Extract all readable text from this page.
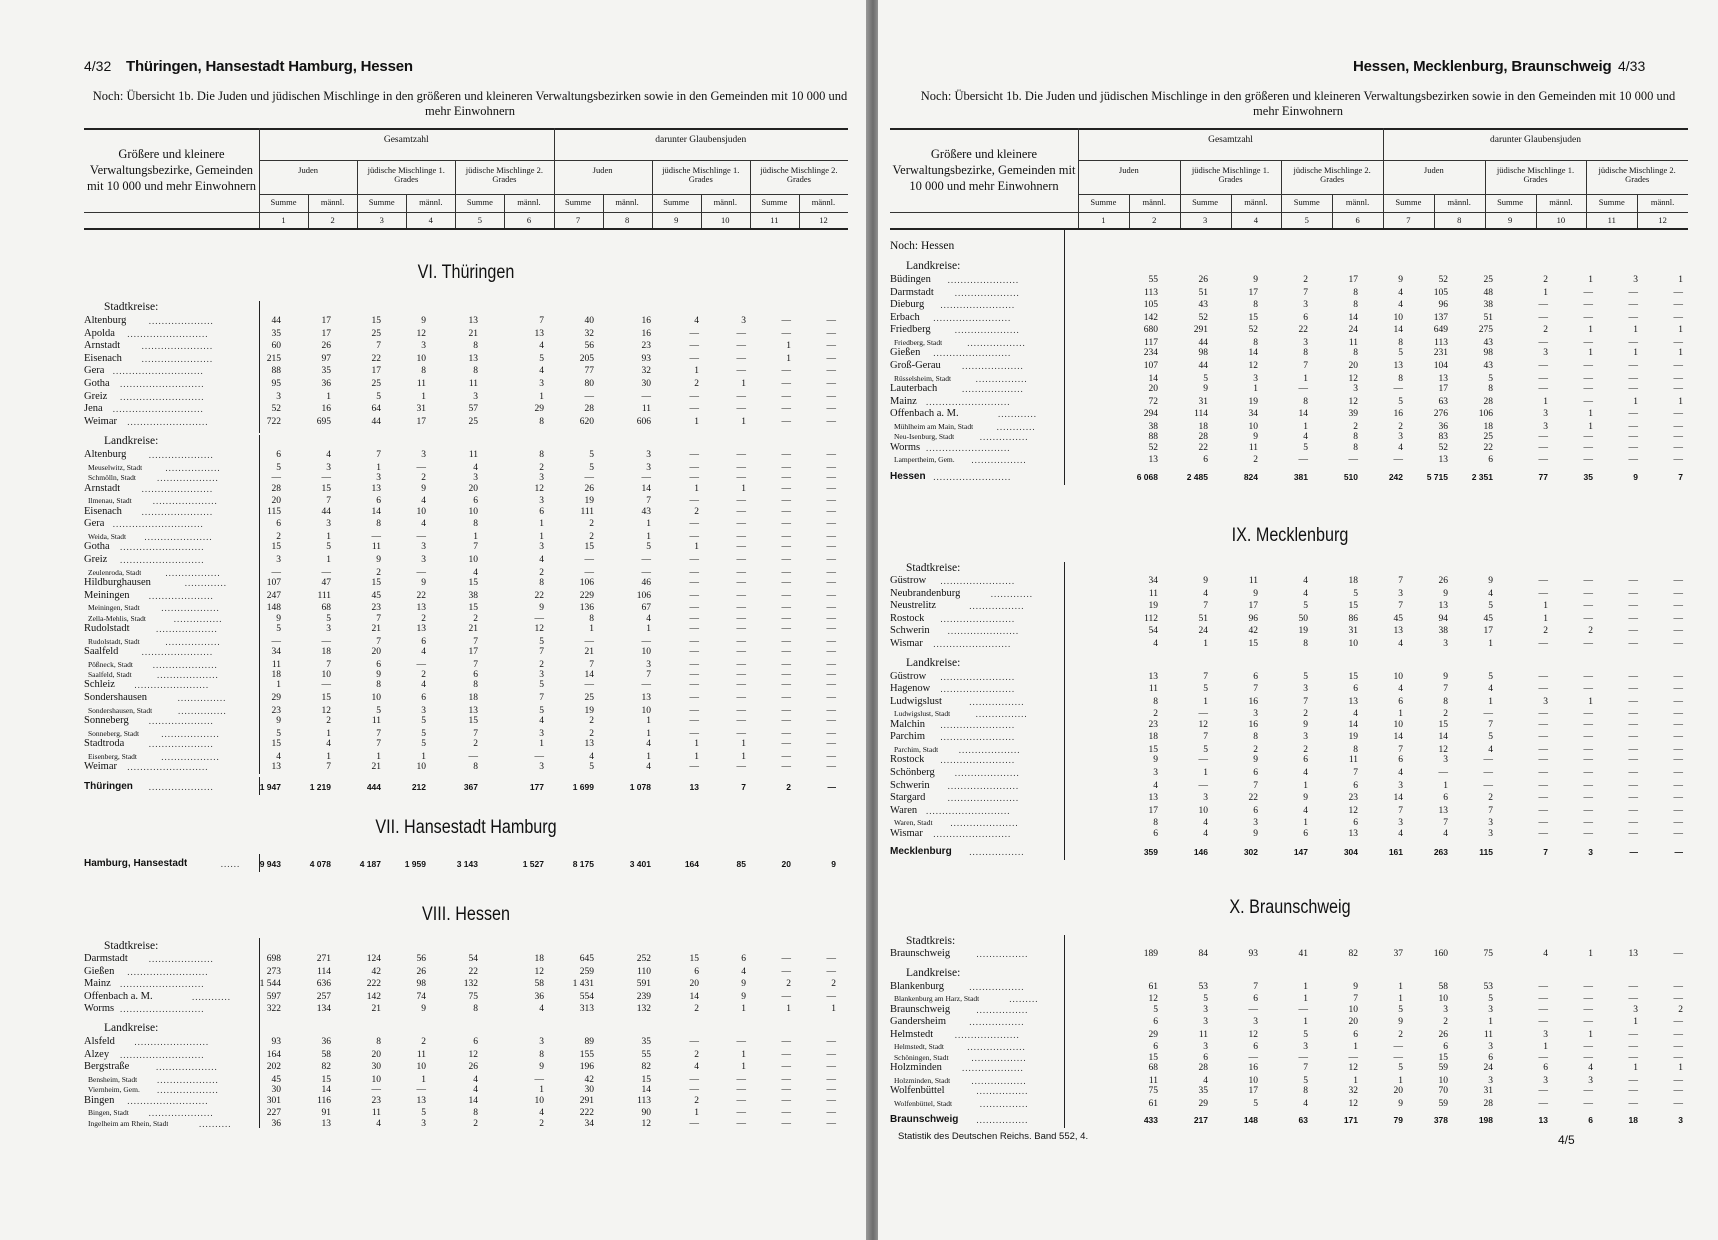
4/32 Thüringen, Hansestadt Hamburg, Hessen
Noch: Übersicht 1b. Die Juden und jüdischen Mischlinge in den größeren und kleineren Verwaltungsbezirken sowie in den Gemeinden mit 10 000 und mehr Einwohnern
Größere und kleinere Verwaltungsbezirke, Gemeinden mit 10 000 und mehr Einwohnern
Gesamtzahl	darunter Glaubensjuden
Juden
Summe	männl.
jüdische Mischlinge 1. Grades
Summe	männl.
jüdische Mischlinge 2. Grades
Summe	männl.
Juden
Summe	männl.
jüdische Mischlinge 1. Grades
Summe	männl.
jüdische Mischlinge 2. Grades
Summe	männl.
1	2	3	4	5	6	7	8	9	10	11	12
VI. Thüringen
Stadtkreise:
Altenburg ....................	44	17	15	9	13	7	40	16	4	3	—	—
Apolda .........................	35	17	25	12	21	13	32	16	—	—	—	—
Arnstadt ......................	60	26	7	3	8	4	56	23	—	—	1	—
Eisenach ......................	215	97	22	10	13	5	205	93	—	—	1	—
Gera ............................	88	35	17	8	8	4	77	32	1	—	—	—
Gotha ..........................	95	36	25	11	11	3	80	30	2	1	—	—
Greiz ..........................	3	1	5	1	3	1	—	—	—	—	—	—
Jena ............................	52	16	64	31	57	29	28	11	—	—	—	—
Weimar .........................	722	695	44	17	25	8	620	606	1	1	—	—
Landkreise:
Altenburg ....................	6	4	7	3	11	8	5	3	—	—	—	—
Meuselwitz, Stadt	.................	5	3	1	—	4	2	5	3	—	—	—	—
Schmölln, Stadt ...................	—	—	3	2	3	3	—	—	—	—	—	—
Arnstadt ......................	28	15	13	9	20	12	26	14	1	1	—	—
Ilmenau, Stadt ....................	20	7	6	4	6	3	19	7	—	—	—	—
Eisenach ......................	115	44	14	10	10	6	111	43	2	—	—	—
Gera ............................	6	3	8	4	8	1	2	1	—	—	—	—
Weida, Stadt .....................	2	1	—	—	1	1	2	1	—	—	—	—
Gotha ..........................	15	5	11	3	7	3	15	5	1	—	—	—
Greiz ..........................	3	1	9	3	10	4	—	—	—	—	—	—
Zeulenroda, Stadt	.................	—	—	2	—	4	2	—	—	—	—	—	—
Hildburghausen	.............	107	47	15	9	15	8	106	46	—	—	—	—
Meiningen ....................	247	111	45	22	38	22	229	106	—	—	—	—
Meiningen, Stadt ..................	148	68	23	13	15	9	136	67	—	—	—	—
Zella-Mehlis, Stadt	...............	9	5	7	2	2	—	8	4	—	—	—	—
Rudolstadt	...................	5	3	21	13	21	12	1	1	—	—	—	—
Rudolstadt, Stadt	.................	—	—	7	6	7	5	—	—	—	—	—	—
Saalfeld	......................	34	18	20	4	17	7	21	10	—	—	—	—
Pößneck, Stadt ....................	11	7	6	—	7	2	7	3	—	—	—	—
Saalfeld, Stadt	...................	18	10	9	2	6	3	14	7	—	—	—	—
Schleiz .......................	1	—	8	4	8	5	—	—	—	—	—	—
Sondershausen	...............	29	15	10	6	18	7	25	13	—	—	—	—
Sondershausen, Stadt	...............	23	12	5	3	13	5	19	10	—	—	—	—
Sonneberg ....................	9	2	11	5	15	4	2	1	—	—	—	—
Sonneberg, Stadt ..................	5	1	7	5	7	3	2	1	—	—	—	—
Stadtroda	....................	15	4	7	5	2	1	13	4	1	1	—	—
Eisenberg, Stadt	..................	4	1	1	1	—	—	4	1	1	1	—	—
Weimar .........................	13	7	21	10	8	3	5	4	—	—	—	—
Thüringen ....................	1 947	1 219	444	212	367	177	1 699	1 078	13	7	2	—
VII. Hansestadt Hamburg
Hamburg, Hansestadt	......	9 943	4 078	4 187	1 959	3 143	1 527	8 175	3 401	164	85	20	9
VIII. Hessen
Stadtkreise:
Darmstadt ....................	698	271	124	56	54	18	645	252	15	6	—	—
Gießen .........................	273	114	42	26	22	12	259	110	6	4	—	—
Mainz ..........................	1 544	636	222	98	132	58	1 431	591	20	9	2	2
Offenbach a. M.	............	597	257	142	74	75	36	554	239	14	9	—	—
Worms ..........................	322	134	21	9	8	4	313	132	2	1	1	1
Landkreise:
Alsfeld .......................	93	36	8	2	6	3	89	35	—	—	—	—
Alzey ..........................	164	58	20	11	12	8	155	55	2	1	—	—
Bergstraße	...................	202	82	30	10	26	9	196	82	4	1	—	—
Bensheim, Stadt ...................	45	15	10	1	4	—	42	15	—	—	—	—
Viernheim, Gem. ...................	30	14	—	—	4	1	30	14	—	—	—	—
Bingen .........................	301	116	23	13	14	10	291	113	2	—	—	—
Bingen, Stadt ....................	227	91	11	5	8	4	222	90	1	—	—	—
Ingelheim am Rhein, Stadt	..........	36	13	4	3	2	2	34	12	—	—	—	—
Hessen, Mecklenburg, Braunschweig 4/33
Noch: Übersicht 1b. Die Juden und jüdischen Mischlinge in den größeren und kleineren Verwaltungsbezirken sowie in den Gemeinden mit 10 000 und mehr Einwohnern
Größere und kleinere Verwaltungsbezirke, Gemeinden mit 10 000 und mehr Einwohnern
Gesamtzahl	darunter Glaubensjuden
Juden
Summe	männl.
jüdische Mischlinge 1. Grades
Summe	männl.
jüdische Mischlinge 2. Grades
Summe	männl.
Juden
Summe	männl.
jüdische Mischlinge 1. Grades
Summe	männl.
jüdische Mischlinge 2. Grades
Summe	männl.
1	2	3	4	5	6	7	8	9	10	11	12
Noch: Hessen
Landkreise:
Büdingen ......................	55	26	9	2	17	9	52	25	2	1	3	1
Darmstadt ....................	113	51	17	7	8	4	105	48	1	—	—	—
Dieburg .......................	105	43	8	3	8	4	96	38	—	—	—	—
Erbach ........................	142	52	15	6	14	10	137	51	—	—	—	—
Friedberg	....................	680	291	52	22	24	14	649	275	2	1	1	1
Friedberg, Stadt	..................	117	44	8	3	11	8	113	43	—	—	—	—
Gießen ........................	234	98	14	8	8	5	231	98	3	1	1	1
Groß-Gerau ...................	107	44	12	7	20	13	104	43	—	—	—	—
Rüsselsheim, Stadt	................	14	5	3	1	12	8	13	5	—	—	—	—
Lauterbach	...................	20	9	1	—	3	—	17	8	—	—	—	—
Mainz ..........................	72	31	19	8	12	5	63	28	1	—	1	1
Offenbach a. M.	............	294	114	34	14	39	16	276	106	3	1	—	—
Mühlheim am Main, Stadt	............	38	18	10	1	2	2	36	18	3	1	—	—
Neu-Isenburg, Stadt	...............	88	28	9	4	8	3	83	25	—	—	—	—
Worms ..........................	52	22	11	5	8	4	52	22	—	—	—	—
Lampertheim, Gem. .................	13	6	2	—	—	—	13	6	—	—	—	—
Hessen ........................	6 068	2 485	824	381	510	242	5 715	2 351	77	35	9	7
IX. Mecklenburg
Stadtkreise:
Güstrow .......................	34	9	11	4	18	7	26	9	—	—	—	—
Neubrandenburg	.............	11	4	9	4	5	3	9	4	—	—	—	—
Neustrelitz	.................	19	7	17	5	15	7	13	5	1	—	—	—
Rostock .......................	112	51	96	50	86	45	94	45	1	—	—	—
Schwerin ......................	54	24	42	19	31	13	38	17	2	2	—	—
Wismar ........................	4	1	15	8	10	4	3	1	—	—	—	—
Landkreise:
Güstrow .......................	13	7	6	5	15	10	9	5	—	—	—	—
Hagenow .......................	11	5	7	3	6	4	7	4	—	—	—	—
Ludwigslust	.................	8	1	16	7	13	6	8	1	3	1	—	—
Ludwigslust, Stadt	................	2	—	3	2	4	1	2	—	—	—	—	—
Malchin .......................	23	12	16	9	14	10	15	7	—	—	—	—
Parchim .......................	18	7	8	3	19	14	14	5	—	—	—	—
Parchim, Stadt ...................	15	5	2	2	8	7	12	4	—	—	—	—
Rostock .......................	9	—	9	6	11	6	3	—	—	—	—	—
Schönberg ....................	3	1	6	4	7	4	—	—	—	—	—	—
Schwerin ......................	4	—	7	1	6	3	1	—	—	—	—	—
Stargard ......................	13	3	22	9	23	14	6	2	—	—	—	—
Waren ..........................	17	10	6	4	12	7	13	7	—	—	—	—
Waren, Stadt .....................	8	4	3	1	6	3	7	3	—	—	—	—
Wismar ........................	6	4	9	6	13	4	4	3	—	—	—	—
Mecklenburg .................	359	146	302	147	304	161	263	115	7	3	—	—
X. Braunschweig
Stadtkreis:
Braunschweig	................	189	84	93	41	82	37	160	75	4	1	13	—
Landkreise:
Blankenburg	.................	61	53	7	1	9	1	58	53	—	—	—	—
Blankenburg am Harz, Stadt	.........	12	5	6	1	7	1	10	5	—	—	—	—
Braunschweig	................	5	3	—	—	10	5	3	3	—	—	3	2
Gandersheim	.................	6	3	3	1	20	9	2	1	—	—	1	—
Helmstedt ....................	29	11	12	5	6	2	26	11	3	1	—	—
Helmstedt, Stadt	..................	6	3	6	3	1	—	6	3	1	—	—	—
Schöningen, Stadt	.................	15	6	—	—	—	—	15	6	—	—	—	—
Holzminden ...................	68	28	16	7	12	5	59	24	6	4	1	1
Holzminden, Stadt .................	11	4	10	5	1	1	10	3	3	3	—	—
Wolfenbüttel	................	75	35	17	8	32	20	70	31	—	—	—	—
Wolfenbüttel, Stadt	...............	61	29	5	4	12	9	59	28	—	—	—	—
Braunschweig ................	433	217	148	63	171	79	378	198	13	6	18	3
Statistik des Deutschen Reichs. Band 552, 4.	4/5
